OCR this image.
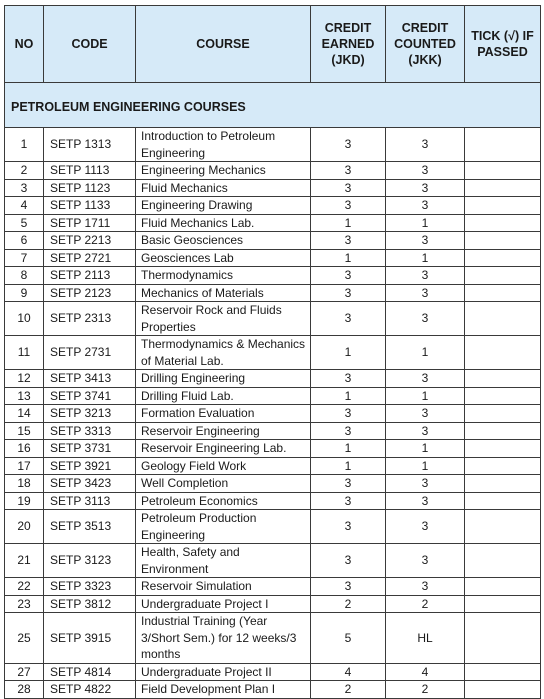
NO	CODE	COURSE	CREDIT
EARNED
(JKD)	CREDIT
COUNTED
(JKK)	TICK (√) IF
PASSED
PETROLEUM ENGINEERING COURSES					
1	SETP 1313	Introduction to Petroleum Engineering	3	3	
2	SETP 1113	Engineering Mechanics	3	3	
3	SETP 1123	Fluid Mechanics	3	3	
4	SETP 1133	Engineering Drawing	3	3	
5	SETP 1711	Fluid Mechanics Lab.	1	1	
6	SETP 2213	Basic Geosciences	3	3	
7	SETP 2721	Geosciences Lab	1	1	
8	SETP 2113	Thermodynamics	3	3	
9	SETP 2123	Mechanics of Materials	3	3	
10	SETP 2313	Reservoir Rock and Fluids Properties	3	3	
11	SETP 2731	Thermodynamics & Mechanics of Material Lab.	1	1	
12	SETP 3413	Drilling Engineering	3	3	
13	SETP 3741	Drilling Fluid Lab.	1	1	
14	SETP 3213	Formation Evaluation	3	3	
15	SETP 3313	Reservoir Engineering	3	3	
16	SETP 3731	Reservoir Engineering Lab.	1	1	
17	SETP 3921	Geology Field Work	1	1	
18	SETP 3423	Well Completion	3	3	
19	SETP 3113	Petroleum Economics	3	3	
20	SETP 3513	Petroleum Production Engineering	3	3	
21	SETP 3123	Health, Safety and Environment	3	3	
22	SETP 3323	Reservoir Simulation	3	3	
23	SETP 3812	Undergraduate Project I	2	2	
25	SETP 3915	Industrial Training (Year 3/Short Sem.) for 12 weeks/3 months	5	HL	
27	SETP 4814	Undergraduate Project II	4	4	
28	SETP 4822	Field Development Plan I	2	2	
